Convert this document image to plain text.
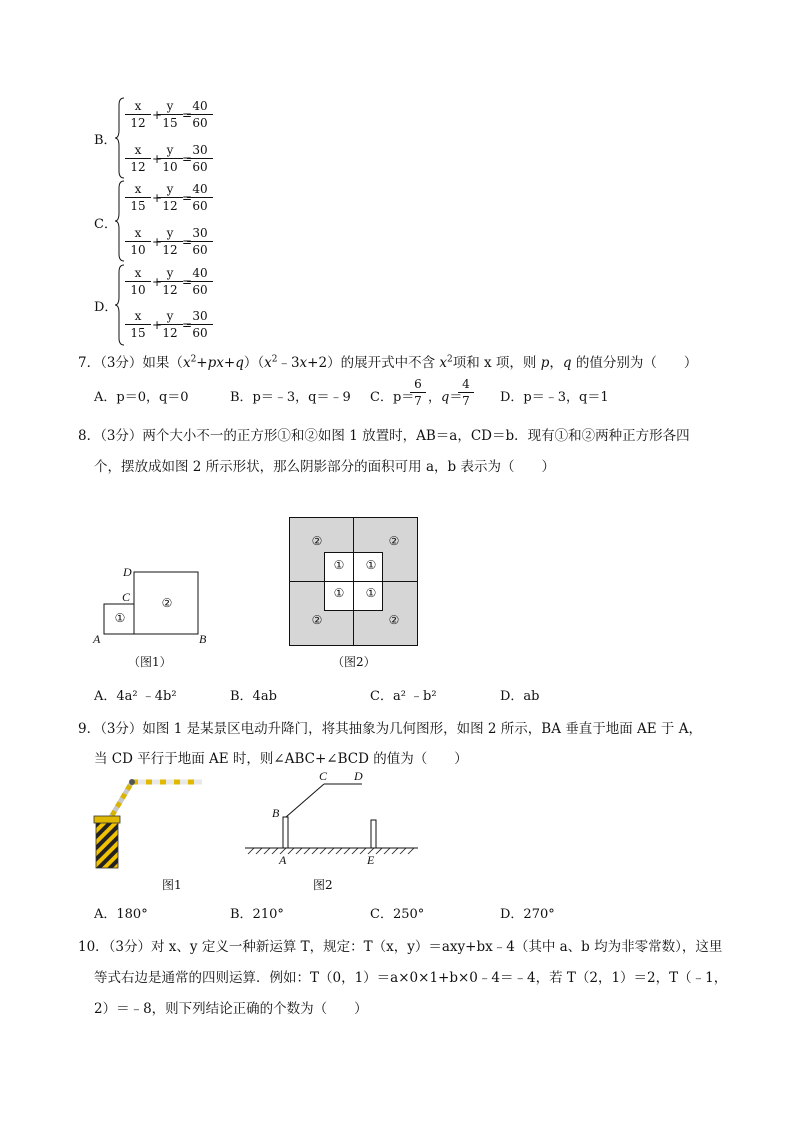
B．
$\frac{x}{12}$ +
$\frac{y}{15}$ =
$\frac{40}{60}$
$\frac{x}{12}$ +
$\frac{y}{10}$ =
$\frac{30}{60}$
C．
$\frac{x}{15}$ +
$\frac{y}{12}$ =
$\frac{40}{60}$
$\frac{x}{10}$ +
$\frac{y}{12}$ =
$\frac{30}{60}$
D．
$\frac{x}{10}$ +
$\frac{y}{12}$ =
$\frac{40}{60}$
$\frac{x}{15}$ +
$\frac{y}{12}$ =
$\frac{30}{60}$
7．（3分）如果$(x^2+px+q)(x^2﹣3x+2)$的展开式中不含 $x^2$项和 x 项，则 p，q 的值分别为（　　）
A．p＝0，q＝0	B．p＝﹣3，q＝﹣9 C．p＝
$\frac{6}{7}$ ，q＝
$\frac{4}{7}$ D．p＝﹣3，q＝1
8．（3分）两个大小不一的正方形①和②如图 1 放置时，AB＝a，CD＝b．现有①和②两种正方形各四
个，摆放成如图 2 所示形状，那么阴影部分的面积可用 a，b 表示为（　　）
①
②
A	B
C
D
（图1）
②	②
②	②
①	①
①	①
（图2）
A．4a² ﹣4b²	B．4ab	C．a² ﹣b²	D．ab
9．（3分）如图 1 是某景区电动升降门，将其抽象为几何图形，如图 2 所示，BA 垂直于地面 AE 于 A，
当 CD 平行于地面 AE 时，则∠ABC+∠BCD 的值为（　　）
图1
B
C D
A	E
图2
A．180°	B．210°	C．250°	D．270°
10．（3分）对 x、y 定义一种新运算 T，规定：T（x，y）＝axy+bx﹣4（其中 a、b 均为非零常数），这里
等式右边是通常的四则运算．例如：T（0，1）＝a×0×1+b×0﹣4＝﹣4，若 T（2，1）＝2，T（﹣1，
2）＝﹣8，则下列结论正确的个数为（　　）
